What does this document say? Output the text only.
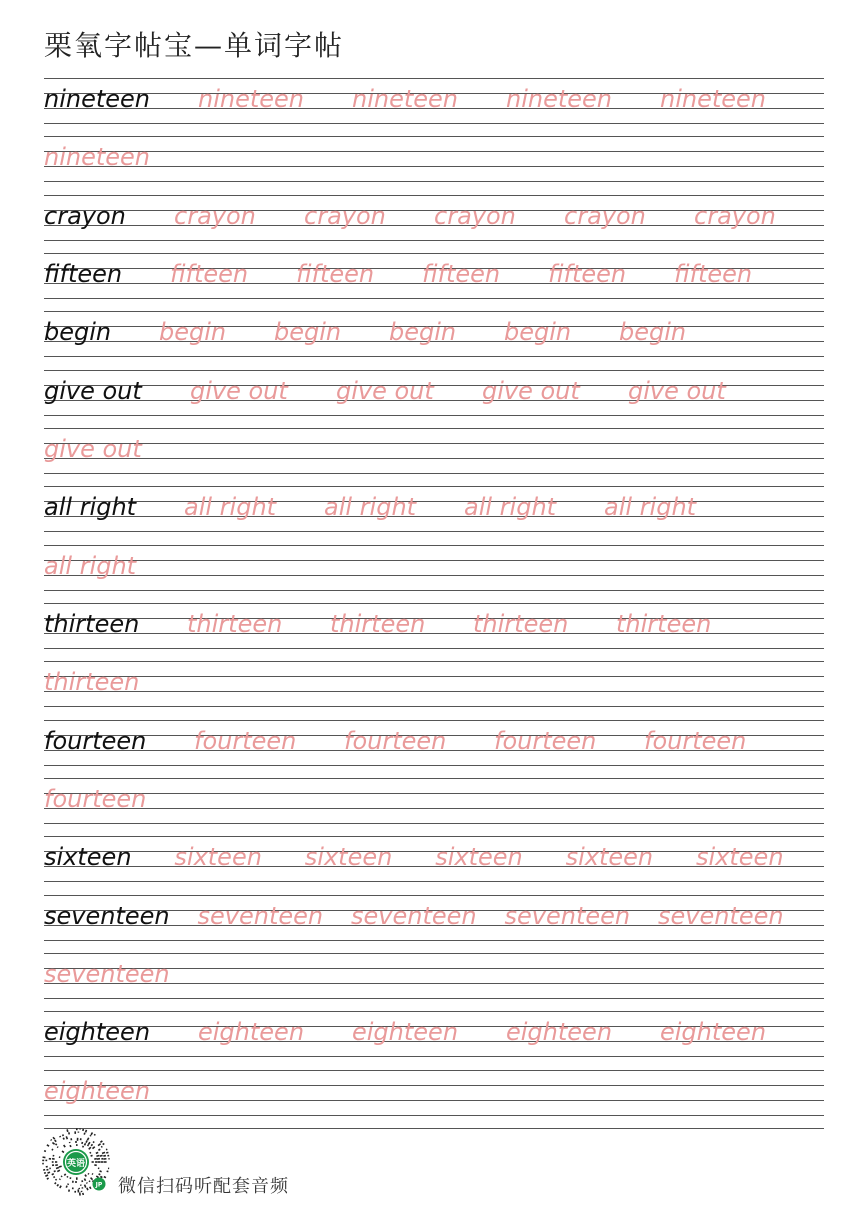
栗氧字帖宝—单词字帖
nineteen nineteen nineteen nineteen nineteen
nineteen
crayon crayon crayon crayon crayon crayon
fifteen fifteen fifteen fifteen fifteen fifteen
begin begin begin begin begin begin
give out give out give out give out give out
give out
all right all right all right all right all right
all right
thirteen thirteen thirteen thirteen thirteen
thirteen
fourteen fourteen fourteen fourteen fourteen
fourteen
sixteen sixteen sixteen sixteen sixteen sixteen
seventeen seventeen seventeen seventeen seventeen
seventeen
eighteen eighteen eighteen eighteen eighteen
eighteen
英语
JP 微信扫码听配套音频
